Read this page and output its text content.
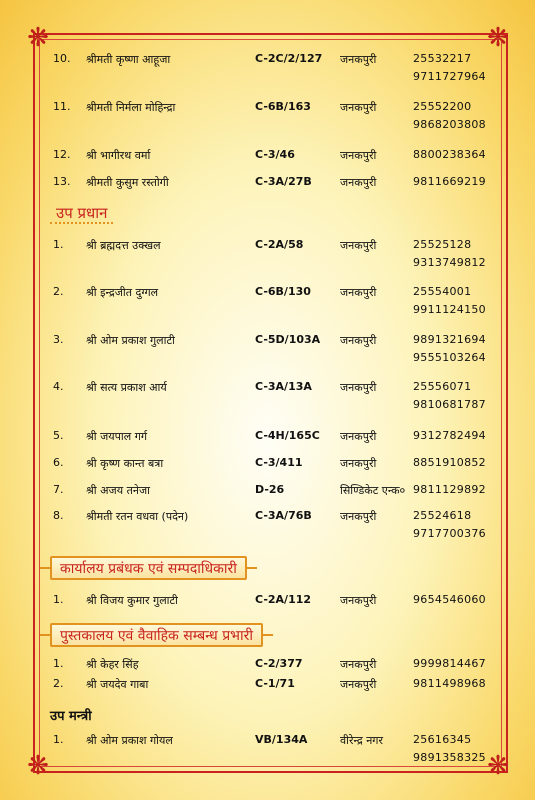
❋	❋
❋	❋
उप प्रधान
कार्यालय प्रबंधक एवं सम्पदाधिकारी
पुस्तकालय एवं वैवाहिक सम्बन्ध प्रभारी
उप मन्त्री
10. श्रीमती कृष्णा आहूजा	C-2C/2/127 जनकपुरी	25532217
9711727964
11. श्रीमती निर्मला मोहिन्द्रा	C-6B/163	जनकपुरी	25552200
9868203808
12. श्री भागीरथ वर्मा	C-3/46	जनकपुरी	8800238364
13. श्रीमती कुसुम रस्तोगी	C-3A/27B	जनकपुरी	9811669219
1. श्री ब्रह्मदत्त उक्खल	C-2A/58	जनकपुरी	25525128
9313749812
2. श्री इन्द्रजीत दुग्गल	C-6B/130	जनकपुरी	25554001
9911124150
3. श्री ओम प्रकाश गुलाटी	C-5D/103A जनकपुरी	9891321694
9555103264
4. श्री सत्य प्रकाश आर्य	C-3A/13A	जनकपुरी	25556071
9810681787
5. श्री जयपाल गर्ग	C-4H/165C जनकपुरी	9312782494
6. श्री कृष्ण कान्त बत्रा	C-3/411	जनकपुरी	8851910852
7. श्री अजय तनेजा	D-26	सिण्डिकेट एन्क० 9811129892
8. श्रीमती रतन वधवा (पदेन)	C-3A/76B	जनकपुरी	25524618
9717700376
1. श्री विजय कुमार गुलाटी	C-2A/112	जनकपुरी	9654546060
1. श्री केहर सिंह	C-2/377	जनकपुरी	9999814467
2. श्री जयदेव गाबा	C-1/71	जनकपुरी	9811498968
1. श्री ओम प्रकाश गोयल	VB/134A	वीरेन्द्र नगर	25616345
9891358325
